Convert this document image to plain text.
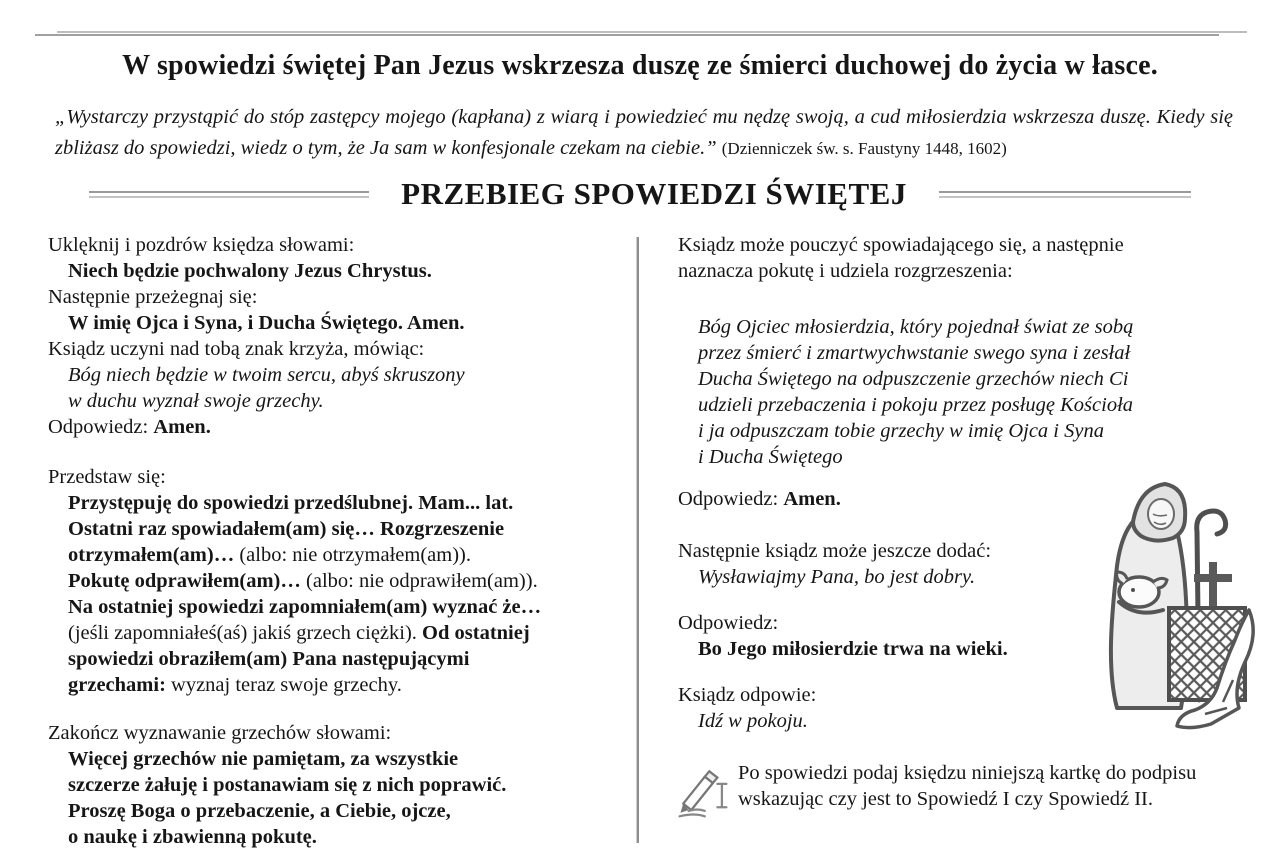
W spowiedzi świętej Pan Jezus wskrzesza duszę ze śmierci duchowej do życia w łasce.

„Wystarczy przystąpić do stóp zastępcy mojego (kapłana) z wiarą i powiedzieć mu nędzę swoją, a cud miłosierdzia wskrzesza duszę. Kiedy się zbliżasz do spowiedzi, wiedz o tym, że Ja sam w konfesjonale czekam na ciebie.” (Dzienniczek św. s. Faustyny 1448, 1602)

PRZEBIEG SPOWIEDZI ŚWIĘTEJ
Uklęknij i pozdrów księdza słowami:
Niech będzie pochwalony Jezus Chrystus.
Następnie przeżegnaj się:
W imię Ojca i Syna, i Ducha Świętego. Amen.
Ksiądz uczyni nad tobą znak krzyża, mówiąc:
Bóg niech będzie w twoim sercu, abyś skruszony
w duchu wyznał swoje grzechy.
Odpowiedz: Amen.
Przedstaw się:
Przystępuję do spowiedzi przedślubnej. Mam... lat.
Ostatni raz spowiadałem(am) się… Rozgrzeszenie
otrzymałem(am)… (albo: nie otrzymałem(am)).
Pokutę odprawiłem(am)… (albo: nie odprawiłem(am)).
Na ostatniej spowiedzi zapomniałem(am) wyznać że…
(jeśli zapomniałeś(aś) jakiś grzech ciężki). Od ostatniej
spowiedzi obraziłem(am) Pana następującymi
grzechami: wyznaj teraz swoje grzechy.
Zakończ wyznawanie grzechów słowami:
Więcej grzechów nie pamiętam, za wszystkie
szczerze żałuję i postanawiam się z nich poprawić.
Proszę Boga o przebaczenie, a Ciebie, ojcze,
o naukę i zbawienną pokutę.
Ksiądz może pouczyć spowiadającego się, a następnie
naznacza pokutę i udziela rozgrzeszenia:
Bóg Ojciec młosierdzia, który pojednał świat ze sobą
przez śmierć i zmartwychwstanie swego syna i zesłał
Ducha Świętego na odpuszczenie grzechów niech Ci
udzieli przebaczenia i pokoju przez posługę Kościoła
i ja odpuszczam tobie grzechy w imię Ojca i Syna
i Ducha Świętego
Odpowiedz: Amen.
Następnie ksiądz może jeszcze dodać:
Wysławiajmy Pana, bo jest dobry.
Odpowiedz:
Bo Jego miłosierdzie trwa na wieki.
Ksiądz odpowie:
Idź w pokoju.
Po spowiedzi podaj księdzu niniejszą kartkę do podpisu
wskazując czy jest to Spowiedź I czy Spowiedź II.
